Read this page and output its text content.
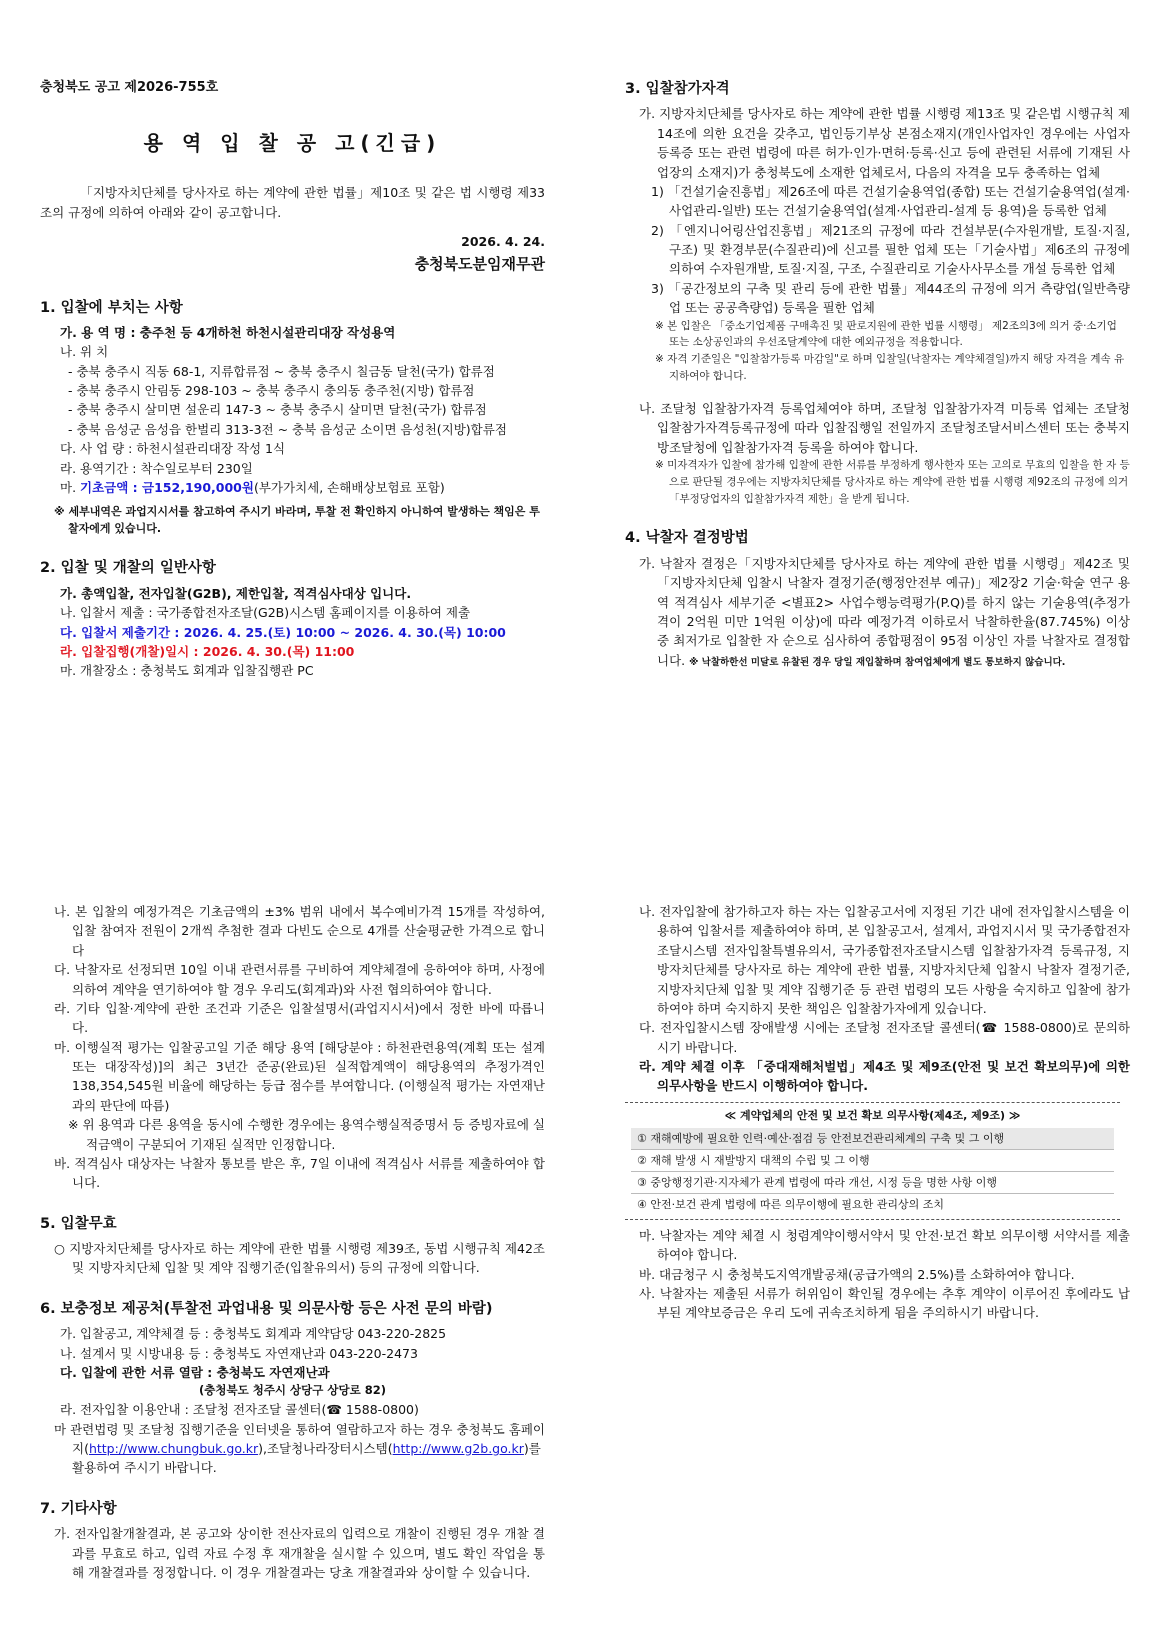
충청북도 공고 제2026-755호

용 역 입 찰 공 고(긴급)

「지방자치단체를 당사자로 하는 계약에 관한 법률」제10조 및 같은 법 시행령 제33조의 규정에 의하여 아래와 같이 공고합니다.

2026. 4. 24.

충청북도분임재무관

1. 입찰에 부치는 사항

가. 용 역 명 : 충주천 등 4개하천 하천시설관리대장 작성용역

나. 위 치

- 충북 충주시 직동 68-1, 지류합류점 ~ 충북 충주시 칠금동 달천(국가) 합류점

- 충북 충주시 안림동 298-103 ~ 충북 충주시 충의동 충주천(지방) 합류점

- 충북 충주시 살미면 설운리 147-3 ~ 충북 충주시 살미면 달천(국가) 합류점

- 충북 음성군 음성읍 한벌리 313-3전 ~ 충북 음성군 소이면 음성천(지방)합류점

다. 사 업 량 : 하천시설관리대장 작성 1식

라. 용역기간 : 착수일로부터 230일

마. 기초금액 : 금152,190,000원(부가가치세, 손해배상보험료 포함)

※ 세부내역은 과업지시서를 참고하여 주시기 바라며, 투찰 전 확인하지 아니하여 발생하는 책임은 투찰자에게 있습니다.

2. 입찰 및 개찰의 일반사항

가. 총액입찰, 전자입찰(G2B), 제한입찰, 적격심사대상 입니다.

나. 입찰서 제출 : 국가종합전자조달(G2B)시스템 홈페이지를 이용하여 제출

다. 입찰서 제출기간 : 2026. 4. 25.(토) 10:00 ~ 2026. 4. 30.(목) 10:00

라. 입찰집행(개찰)일시 : 2026. 4. 30.(목) 11:00

마. 개찰장소 : 충청북도 회계과 입찰집행관 PC

3. 입찰참가자격

가. 지방자치단체를 당사자로 하는 계약에 관한 법률 시행령 제13조 및 같은법 시행규칙 제14조에 의한 요건을 갖추고, 법인등기부상 본점소재지(개인사업자인 경우에는 사업자등록증 또는 관련 법령에 따른 허가·인가·면허·등록·신고 등에 관련된 서류에 기재된 사업장의 소재지)가 충청북도에 소재한 업체로서, 다음의 자격을 모두 충족하는 업체

1) 「건설기술진흥법」제26조에 따른 건설기술용역업(종합) 또는 건설기술용역업(설계·사업관리-일반) 또는 건설기술용역업(설계·사업관리-설계 등 용역)을 등록한 업체

2) 「엔지니어링산업진흥법」제21조의 규정에 따라 건설부문(수자원개발, 토질·지질, 구조) 및 환경부문(수질관리)에 신고를 필한 업체 또는「기술사법」제6조의 규정에 의하여 수자원개발, 토질·지질, 구조, 수질관리로 기술사사무소를 개설 등록한 업체

3) 「공간정보의 구축 및 관리 등에 관한 법률」제44조의 규정에 의거 측량업(일반측량업 또는 공공측량업) 등록을 필한 업체

※ 본 입찰은 「중소기업제품 구매촉진 및 판로지원에 관한 법률 시행령」 제2조의3에 의거 중·소기업 또는 소상공인과의 우선조달계약에 대한 예외규정을 적용합니다.

※ 자격 기준일은 "입찰참가등록 마감일"로 하며 입찰일(낙찰자는 계약체결일)까지 해당 자격을 계속 유지하여야 합니다.

나. 조달청 입찰참가자격 등록업체여야 하며, 조달청 입찰참가자격 미등록 업체는 조달청 입찰참가자격등록규정에 따라 입찰집행일 전일까지 조달청조달서비스센터 또는 충북지방조달청에 입찰참가자격 등록을 하여야 합니다.

※ 미자격자가 입찰에 참가해 입찰에 관한 서류를 부정하게 행사한자 또는 고의로 무효의 입찰을 한 자 등으로 판단될 경우에는 지방자치단체를 당사자로 하는 계약에 관한 법률 시행령 제92조의 규정에 의거「부정당업자의 입찰참가자격 제한」을 받게 됩니다.

4. 낙찰자 결정방법

가. 낙찰자 결정은「지방자치단체를 당사자로 하는 계약에 관한 법률 시행령」제42조 및「지방자치단체 입찰시 낙찰자 결정기준(행정안전부 예규)」제2장2 기술·학술 연구 용역 적격심사 세부기준 <별표2> 사업수행능력평가(P.Q)를 하지 않는 기술용역(추정가격이 2억원 미만 1억원 이상)에 따라 예정가격 이하로서 낙찰하한율(87.745%) 이상 중 최저가로 입찰한 자 순으로 심사하여 종합평점이 95점 이상인 자를 낙찰자로 결정합니다. ※ 낙찰하한선 미달로 유찰된 경우 당일 재입찰하며 참여업체에게 별도 통보하지 않습니다.

나. 본 입찰의 예정가격은 기초금액의 ±3% 범위 내에서 복수예비가격 15개를 작성하여, 입찰 참여자 전원이 2개씩 추첨한 결과 다빈도 순으로 4개를 산술평균한 가격으로 합니다

다. 낙찰자로 선정되면 10일 이내 관련서류를 구비하여 계약체결에 응하여야 하며, 사정에 의하여 계약을 연기하여야 할 경우 우리도(회계과)와 사전 협의하여야 합니다.

라. 기타 입찰·계약에 관한 조건과 기준은 입찰설명서(과업지시서)에서 정한 바에 따릅니다.

마. 이행실적 평가는 입찰공고일 기준 해당 용역 [해당분야 : 하천관련용역(계획 또는 설계 또는 대장작성)]의 최근 3년간 준공(완료)된 실적합계액이 해당용역의 추정가격인 138,354,545원 비율에 해당하는 등급 점수를 부여합니다. (이행실적 평가는 자연재난과의 판단에 따름)

※ 위 용역과 다른 용역을 동시에 수행한 경우에는 용역수행실적증명서 등 증빙자료에 실적금액이 구분되어 기재된 실적만 인정합니다.

바. 적격심사 대상자는 낙찰자 통보를 받은 후, 7일 이내에 적격심사 서류를 제출하여야 합니다.

5. 입찰무효

○ 지방자치단체를 당사자로 하는 계약에 관한 법률 시행령 제39조, 동법 시행규칙 제42조 및 지방자치단체 입찰 및 계약 집행기준(입찰유의서) 등의 규정에 의합니다.

6. 보충정보 제공처(투찰전 과업내용 및 의문사항 등은 사전 문의 바람)

가. 입찰공고, 계약체결 등 : 충청북도 회계과 계약담당 043-220-2825

나. 설계서 및 시방내용 등 : 충청북도 자연재난과 043-220-2473

다. 입찰에 관한 서류 열람 : 충청북도 자연재난과

(충청북도 청주시 상당구 상당로 82)

라. 전자입찰 이용안내 : 조달청 전자조달 콜센터(☎ 1588-0800)

마 관련법령 및 조달청 집행기준을 인터넷을 통하여 열람하고자 하는 경우 충청북도 홈페이지(http://www.chungbuk.go.kr),조달청나라장터시스템(http://www.g2b.go.kr)를 활용하여 주시기 바랍니다.

7. 기타사항

가. 전자입찰개찰결과, 본 공고와 상이한 전산자료의 입력으로 개찰이 진행된 경우 개찰 결과를 무효로 하고, 입력 자료 수정 후 재개찰을 실시할 수 있으며, 별도 확인 작업을 통해 개찰결과를 정정합니다. 이 경우 개찰결과는 당초 개찰결과와 상이할 수 있습니다.

나. 전자입찰에 참가하고자 하는 자는 입찰공고서에 지정된 기간 내에 전자입찰시스템을 이용하여 입찰서를 제출하여야 하며, 본 입찰공고서, 설계서, 과업지시서 및 국가종합전자조달시스템 전자입찰특별유의서, 국가종합전자조달시스템 입찰참가자격 등록규정, 지방자치단체를 당사자로 하는 계약에 관한 법률, 지방자치단체 입찰시 낙찰자 결정기준, 지방자치단체 입찰 및 계약 집행기준 등 관련 법령의 모든 사항을 숙지하고 입찰에 참가하여야 하며 숙지하지 못한 책임은 입찰참가자에게 있습니다.

다. 전자입찰시스템 장애발생 시에는 조달청 전자조달 콜센터(☎ 1588-0800)로 문의하시기 바랍니다.

라. 계약 체결 이후 「중대재해처벌법」제4조 및 제9조(안전 및 보건 확보의무)에 의한 의무사항을 반드시 이행하여야 합니다.

≪ 계약업체의 안전 및 보건 확보 의무사항(제4조, 제9조) ≫

① 재해예방에 필요한 인력·예산·점검 등 안전보건관리체계의 구축 및 그 이행

② 재해 발생 시 재발방지 대책의 수립 및 그 이행

③ 중앙행정기관·지자체가 관계 법령에 따라 개선, 시정 등을 명한 사항 이행

④ 안전·보건 관계 법령에 따른 의무이행에 필요한 관리상의 조치

마. 낙찰자는 계약 체결 시 청렴계약이행서약서 및 안전·보건 확보 의무이행 서약서를 제출하여야 합니다.

바. 대금청구 시 충청북도지역개발공채(공급가액의 2.5%)를 소화하여야 합니다.

사. 낙찰자는 제출된 서류가 허위임이 확인될 경우에는 추후 계약이 이루어진 후에라도 납부된 계약보증금은 우리 도에 귀속조치하게 됨을 주의하시기 바랍니다.
